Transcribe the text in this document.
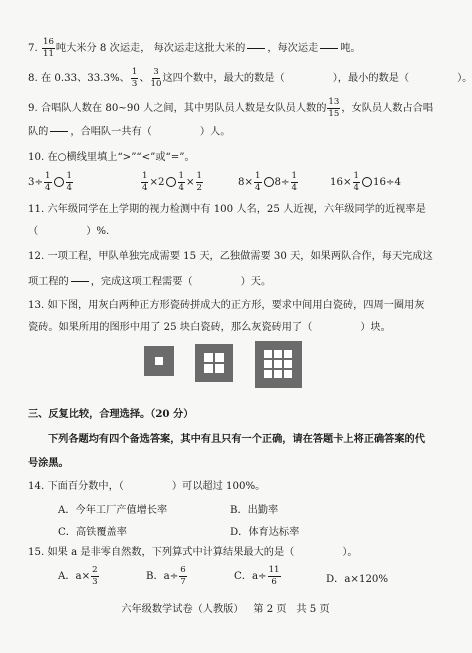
7. $\frac{16}{11}$ 吨大米分 8 次运走， 每次运走这批大米的 ，每次运走 吨。
8. 在 0.33、33.3%、 $\frac{1}{3}$ 、 $\frac{3}{10}$ 这四个数中，最大的数是（	），最小的数是（	）。
9. 合唱队人数在 80~90 人之间，其中男队员人数是女队员人数的 $\frac{13}{15}$ ，女队员人数占合唱
队的 ，合唱队一共有（	）人。
10. 在○横线里填上“>”“<”或“=”。
$3\div \frac{1}{4} \frac{1}{4}$	$\frac{1}{4} \times 2 \frac{1}{4} \times \frac{1}{2}$	$8\times \frac{1}{4} 8\div \frac{1}{4}$	$16\times \frac{1}{4} 16\div 4$
11. 六年级同学在上学期的视力检测中有 100 人名，25 人近视，六年级同学的近视率是
（	）%.
12. 一项工程，甲队单独完成需要 15 天，乙独做需要 30 天，如果两队合作，每天完成这
项工程的 ，完成这项工程需要（	）天。
13. 如下图，用灰白两种正方形瓷砖拼成大的正方形，要求中间用白瓷砖，四周一圈用灰
瓷砖。如果所用的图形中用了 25 块白瓷砖，那么灰瓷砖用了（	）块。
三、反复比较，合理选择。（20 分）
下列各题均有四个备选答案，其中有且只有一个正确，请在答题卡上将正确答案的代
号涂黑。
14. 下面百分数中，（	）可以超过 100%。
A．今年工厂产值增长率	B．出勤率
C．高铁覆盖率	D．体育达标率
15. 如果 a 是非零自然数，下列算式中计算结果最大的是（	）。
A．$a\times \frac{2}{3}$	B．$a\div \frac{6}{7}$	C．$a\div \frac{11}{6}$	D．a×120%
六年级数学试卷（人教版）   第 2 页   共 5 页
